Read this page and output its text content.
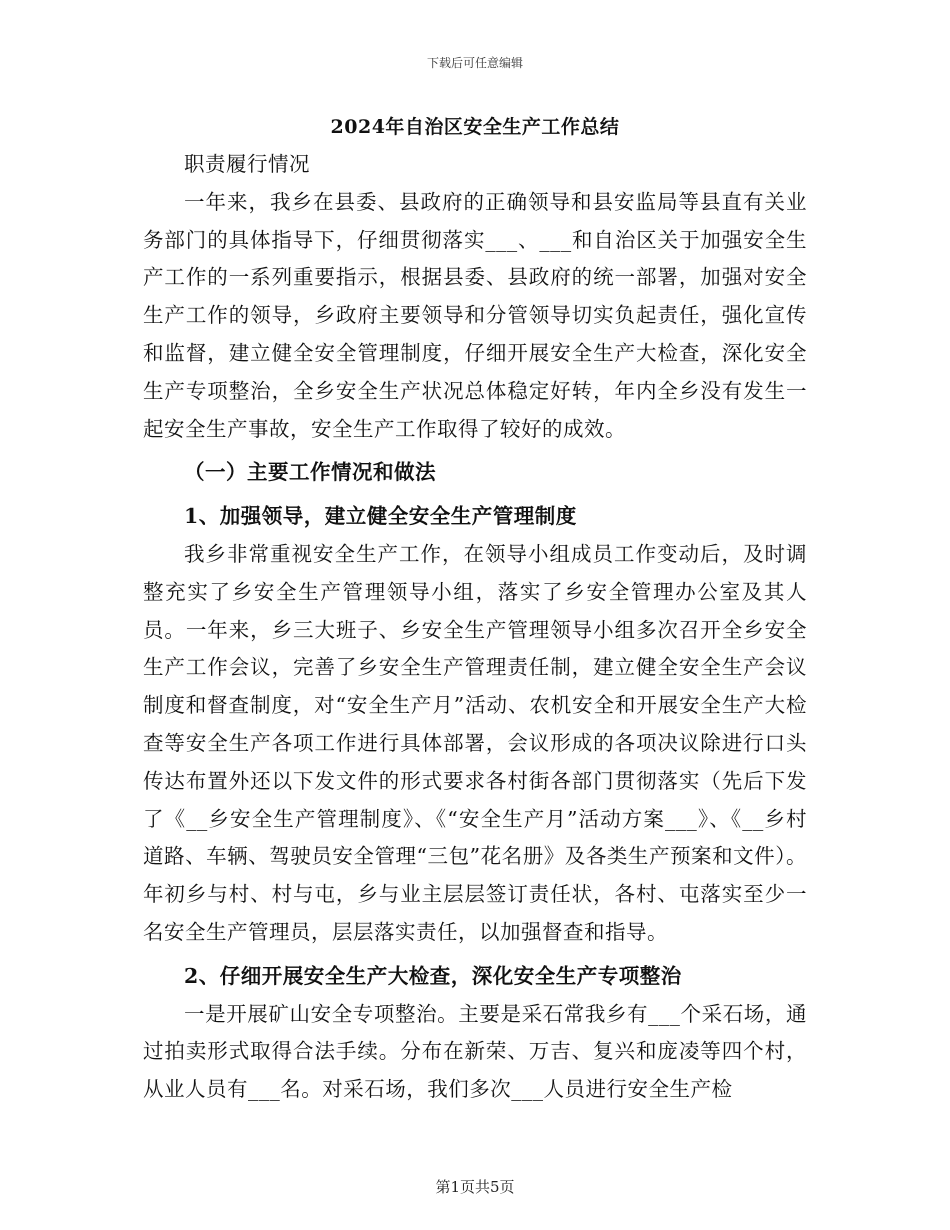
下载后可任意编辑
2024年自治区安全生产工作总结

职责履行情况

一年来，我乡在县委、县政府的正确领导和县安监局等县直有关业务部门的具体指导下，仔细贯彻落实___、___和自治区关于加强安全生产工作的一系列重要指示，根据县委、县政府的统一部署，加强对安全生产工作的领导，乡政府主要领导和分管领导切实负起责任，强化宣传和监督，建立健全安全管理制度，仔细开展安全生产大检查，深化安全生产专项整治，全乡安全生产状况总体稳定好转，年内全乡没有发生一起安全生产事故，安全生产工作取得了较好的成效。

（一）主要工作情况和做法

1、加强领导，建立健全安全生产管理制度

我乡非常重视安全生产工作，在领导小组成员工作变动后，及时调整充实了乡安全生产管理领导小组，落实了乡安全管理办公室及其人员。一年来，乡三大班子、乡安全生产管理领导小组多次召开全乡安全生产工作会议，完善了乡安全生产管理责任制，建立健全安全生产会议制度和督查制度，对“安全生产月”活动、农机安全和开展安全生产大检查等安全生产各项工作进行具体部署，会议形成的各项决议除进行口头传达布置外还以下发文件的形式要求各村街各部门贯彻落实（先后下发了《__乡安全生产管理制度》、《“安全生产月”活动方案___》、《__乡村道路、车辆、驾驶员安全管理“三包”花名册》及各类生产预案和文件）。年初乡与村、村与屯，乡与业主层层签订责任状，各村、屯落实至少一名安全生产管理员，层层落实责任，以加强督查和指导。

2、仔细开展安全生产大检查，深化安全生产专项整治

一是开展矿山安全专项整治。主要是采石常我乡有___个采石场，通过拍卖形式取得合法手续。分布在新荣、万吉、复兴和庞凌等四个村，从业人员有___名。对采石场，我们多次___人员进行安全生产检

第1页共5页
